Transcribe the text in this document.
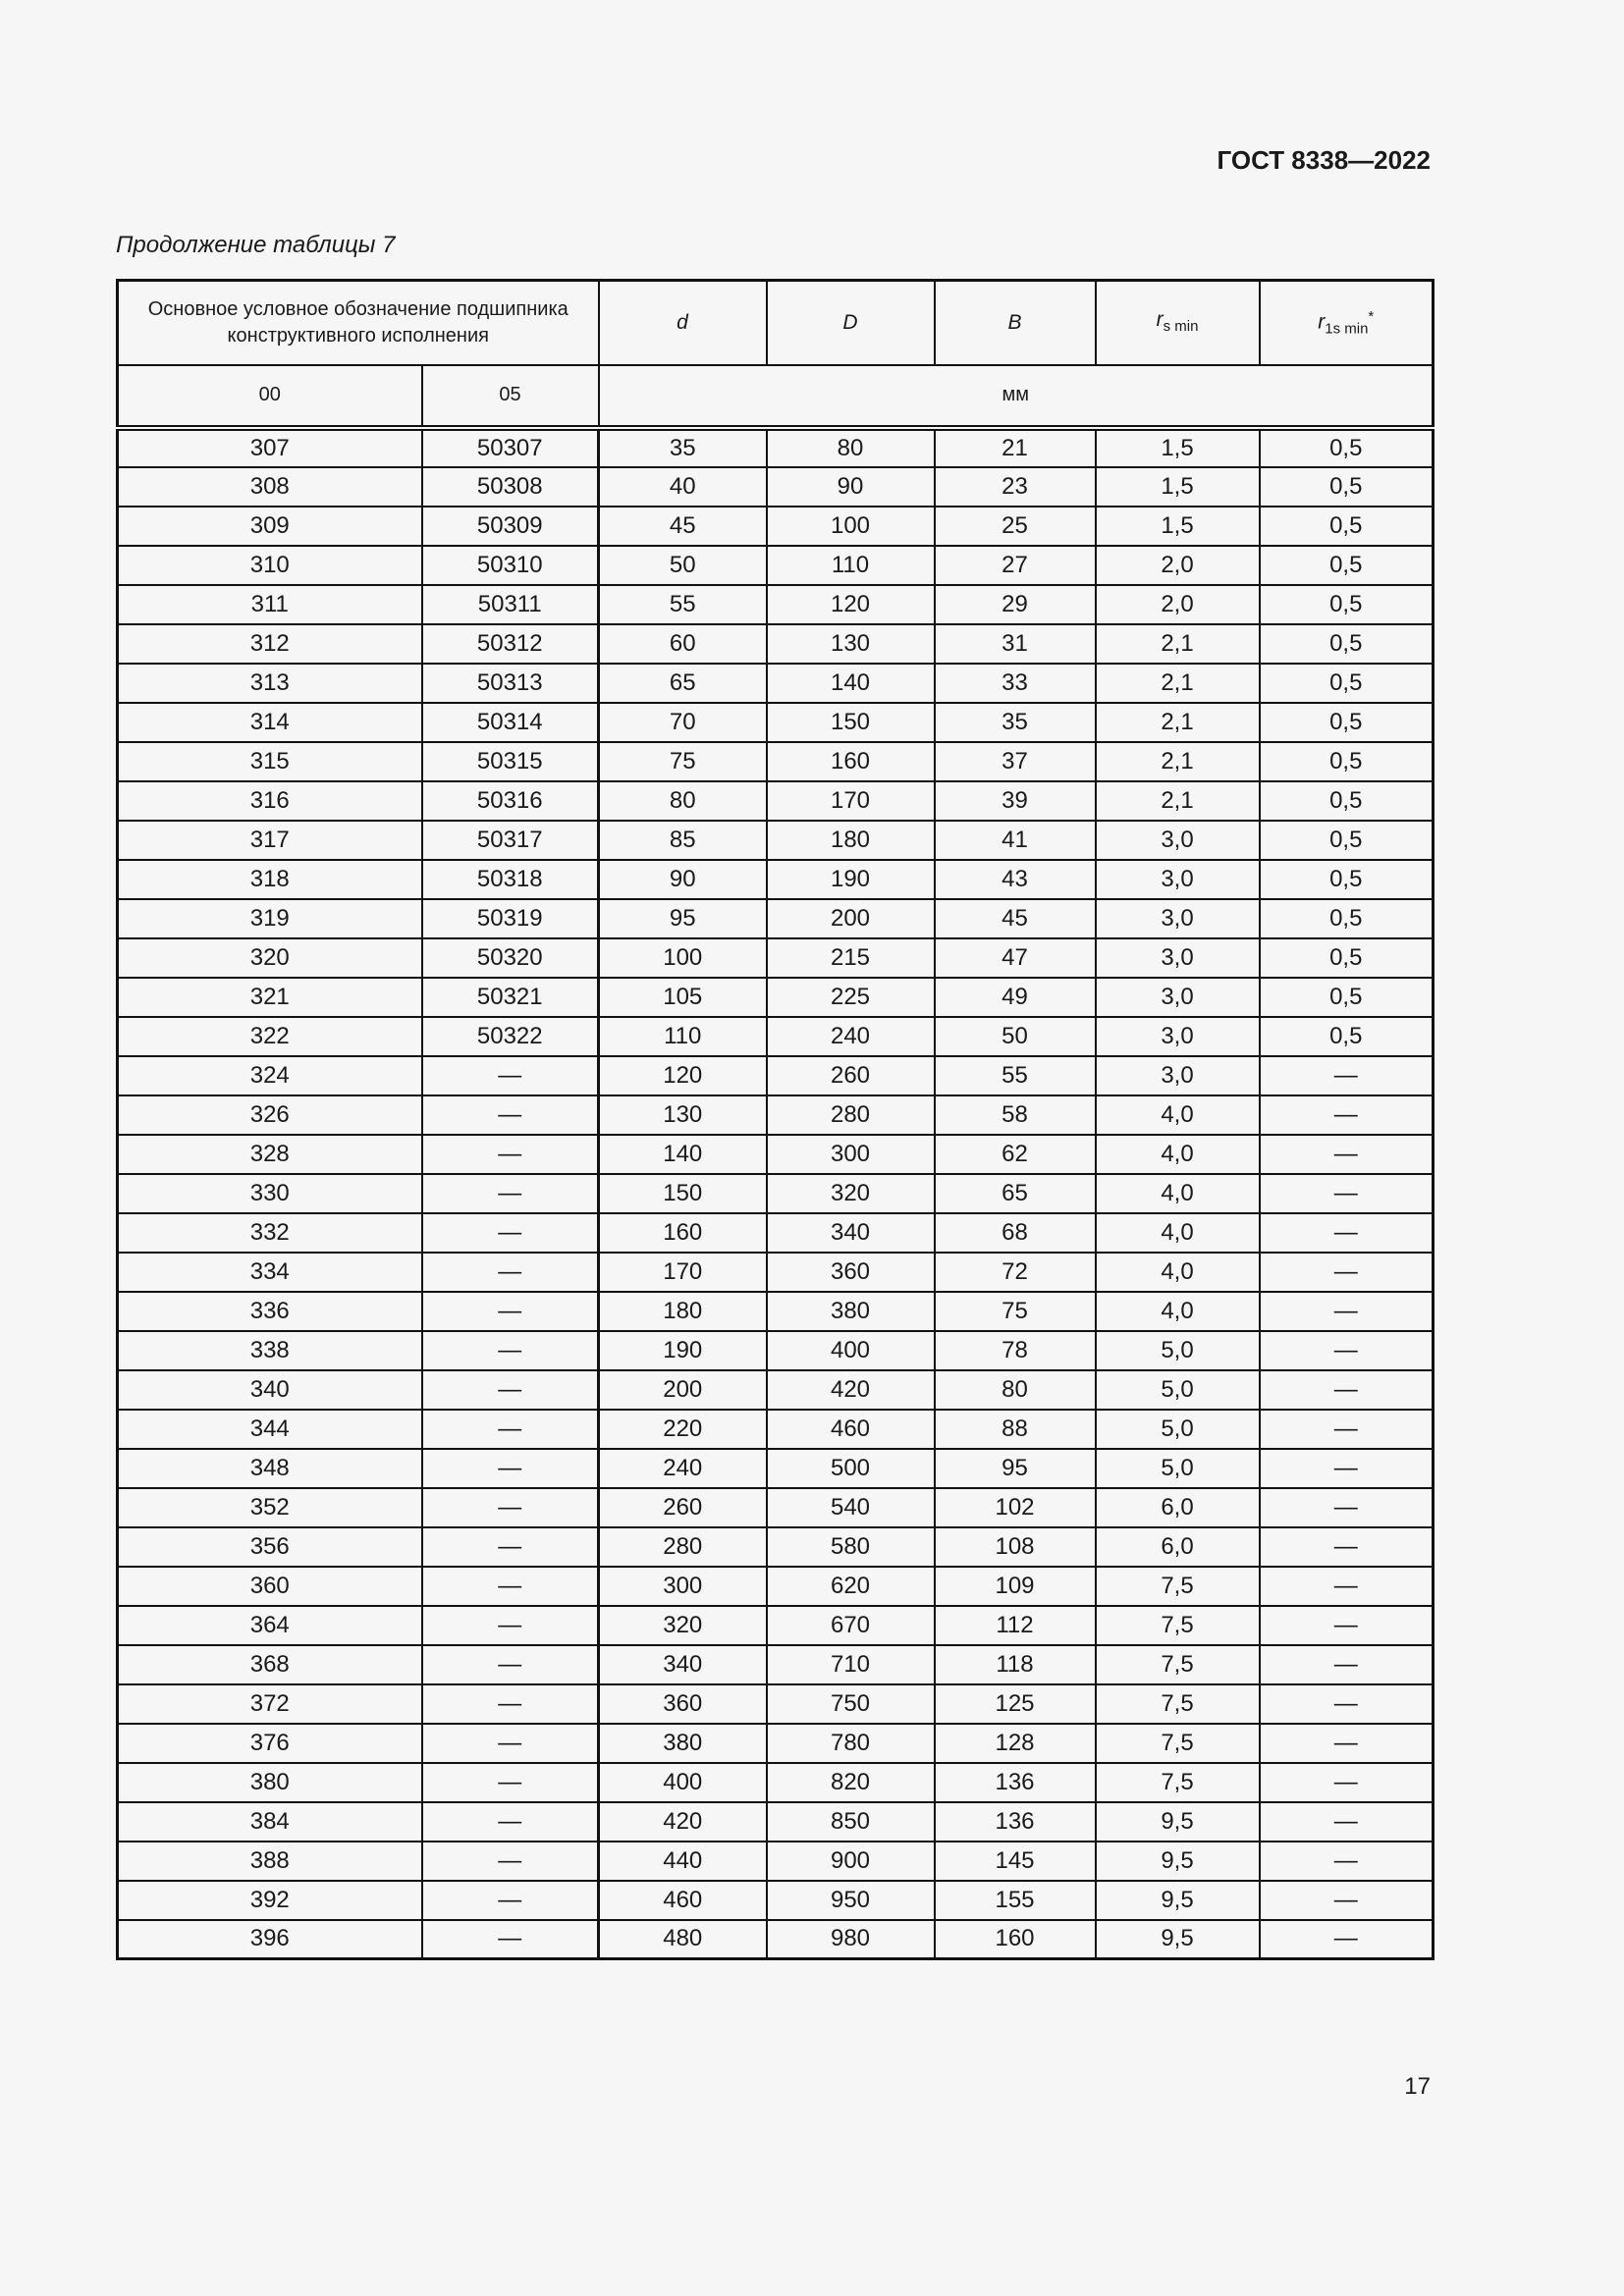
ГОСТ 8338—2022
Продолжение таблицы 7
Основное условное обозначение подшипника конструктивного исполнения		d	D	B	$r_{s min}$	$r_{1s min}^*$
00	05	мм				
307	50307	35	80	21	1,5	0,5
308	50308	40	90	23	1,5	0,5
309	50309	45	100	25	1,5	0,5
310	50310	50	110	27	2,0	0,5
311	50311	55	120	29	2,0	0,5
312	50312	60	130	31	2,1	0,5
313	50313	65	140	33	2,1	0,5
314	50314	70	150	35	2,1	0,5
315	50315	75	160	37	2,1	0,5
316	50316	80	170	39	2,1	0,5
317	50317	85	180	41	3,0	0,5
318	50318	90	190	43	3,0	0,5
319	50319	95	200	45	3,0	0,5
320	50320	100	215	47	3,0	0,5
321	50321	105	225	49	3,0	0,5
322	50322	110	240	50	3,0	0,5
324	—	120	260	55	3,0	—
326	—	130	280	58	4,0	—
328	—	140	300	62	4,0	—
330	—	150	320	65	4,0	—
332	—	160	340	68	4,0	—
334	—	170	360	72	4,0	—
336	—	180	380	75	4,0	—
338	—	190	400	78	5,0	—
340	—	200	420	80	5,0	—
344	—	220	460	88	5,0	—
348	—	240	500	95	5,0	—
352	—	260	540	102	6,0	—
356	—	280	580	108	6,0	—
360	—	300	620	109	7,5	—
364	—	320	670	112	7,5	—
368	—	340	710	118	7,5	—
372	—	360	750	125	7,5	—
376	—	380	780	128	7,5	—
380	—	400	820	136	7,5	—
384	—	420	850	136	9,5	—
388	—	440	900	145	9,5	—
392	—	460	950	155	9,5	—
396	—	480	980	160	9,5	—
17
